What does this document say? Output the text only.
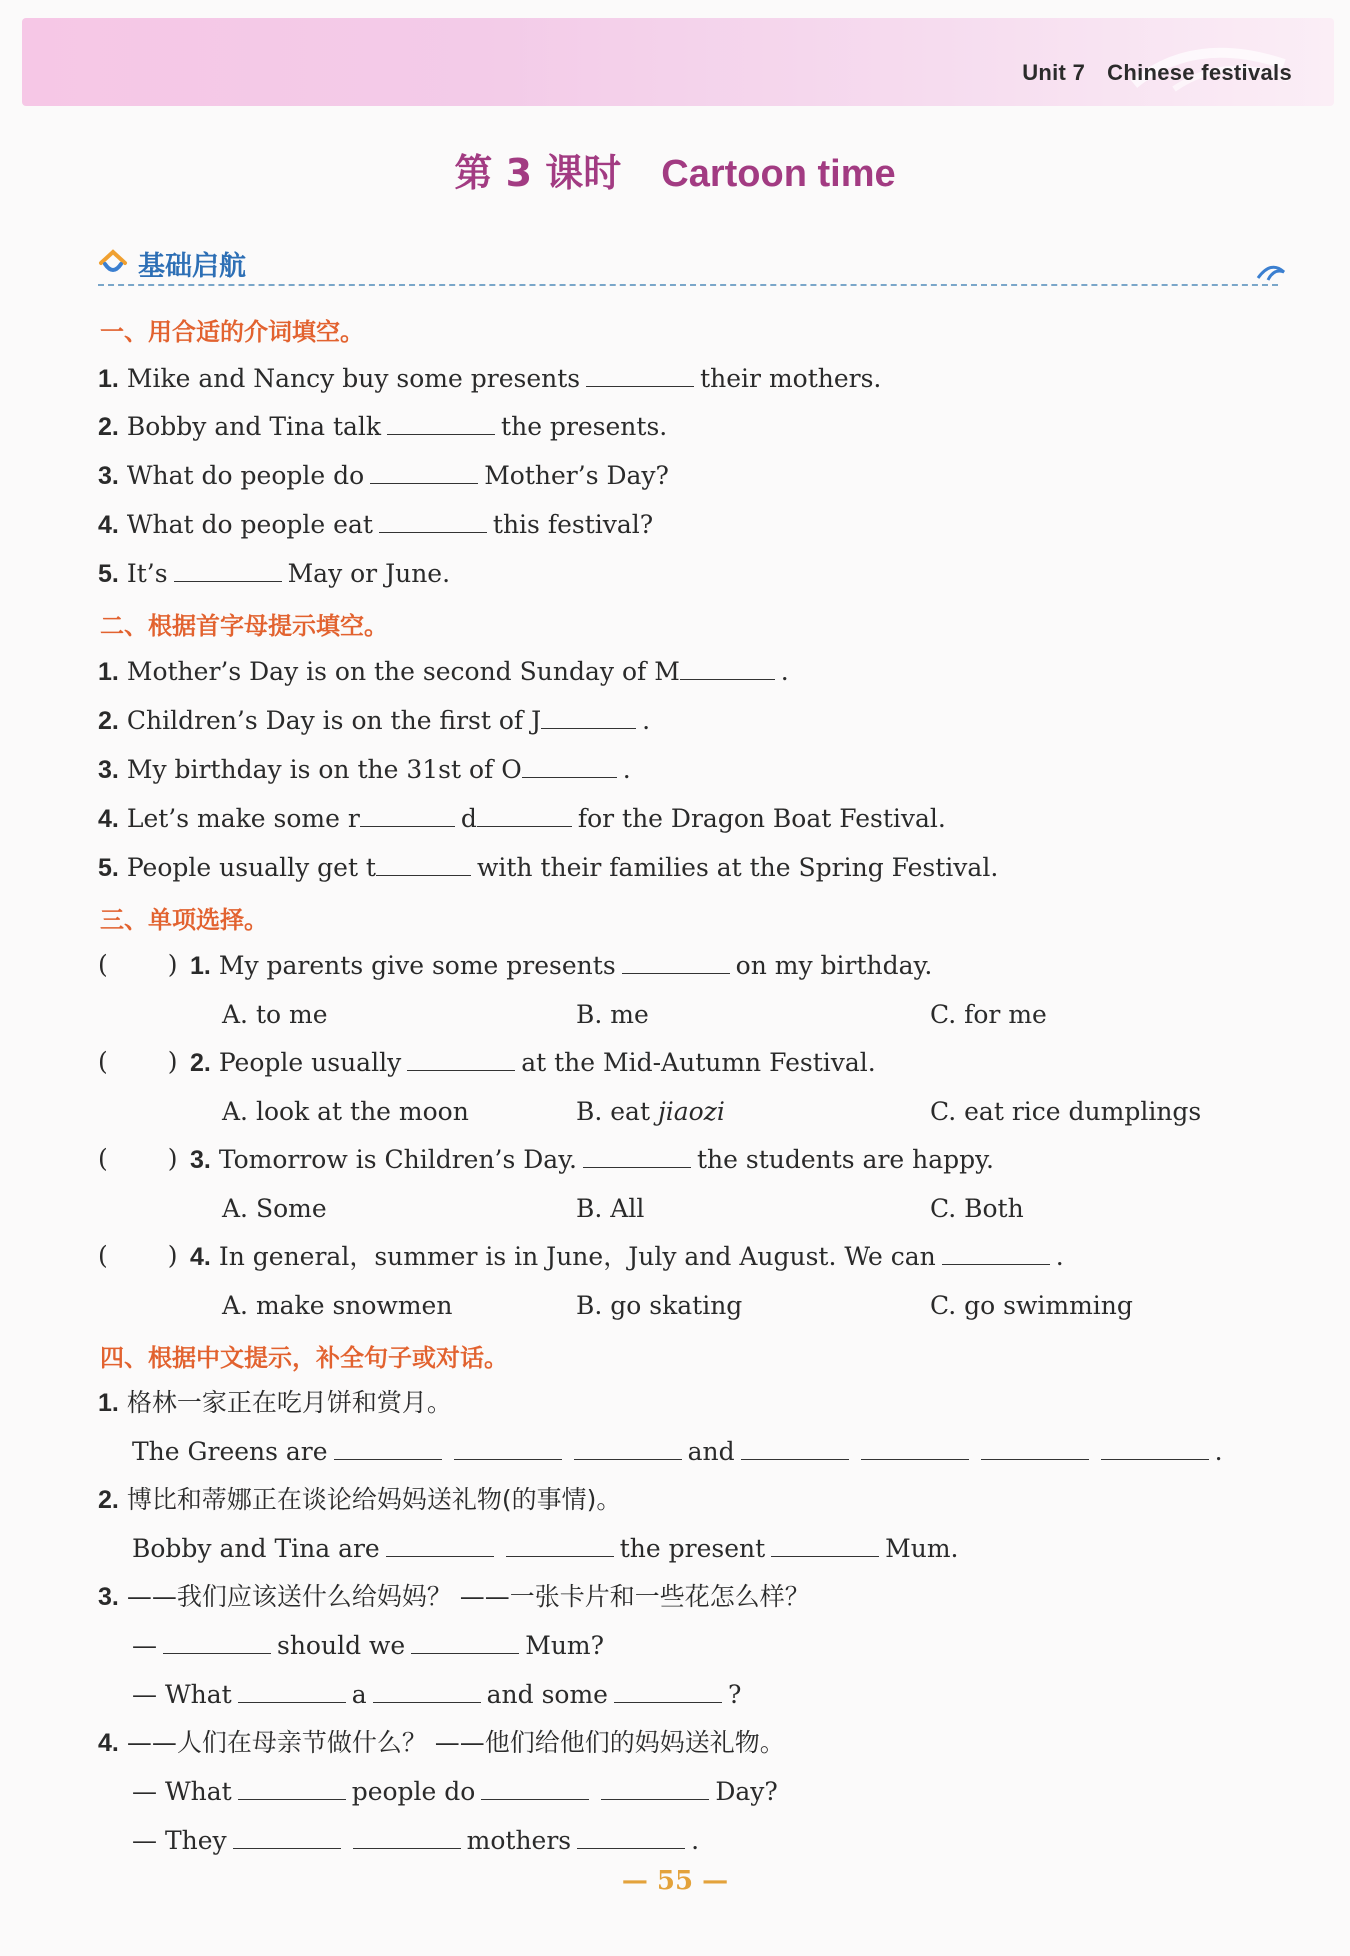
Unit 7 Chinese festivals
第 3 课时 Cartoon time
基础启航
一、用合适的介词填空。
1. Mike and Nancy buy some presents	their mothers.
2. Bobby and Tina talk	the presents.
3. What do people do	Mother’s Day?
4. What do people eat	this festival?
5. It’s	May or June.
二、根据首字母提示填空。
1. Mother’s Day is on the second Sunday of M	.
2. Children’s Day is on the first of J	.
3. My birthday is on the 31st of O	.
4. Let’s make some r	d	for the Dragon Boat Festival.
5. People usually get t	with their families at the Spring Festival.
三、单项选择。
( ) 1. My parents give some presents	on my birthday.
A. to me	B. me	C. for me
( ) 2. People usually	at the Mid-Autumn Festival.
A. look at the moon	B. eat jiaozi	C. eat rice dumplings
( ) 3. Tomorrow is Children’s Day.	the students are happy.
A. Some	B. All	C. Both
( ) 4. In general，summer is in June，July and August. We can	.
A. make snowmen	B. go skating	C. go swimming
四、根据中文提示，补全句子或对话。
1. 格林一家正在吃月饼和赏月。
The Greens are	and	.
2. 博比和蒂娜正在谈论给妈妈送礼物(的事情)。
Bobby and Tina are	the present	Mum.
3. ——我们应该送什么给妈妈？ ——一张卡片和一些花怎么样？
—	should we	Mum?
— What	a	and some	?
4. ——人们在母亲节做什么？ ——他们给他们的妈妈送礼物。
— What	people do	Day?
— They	mothers	.
— 55 —
